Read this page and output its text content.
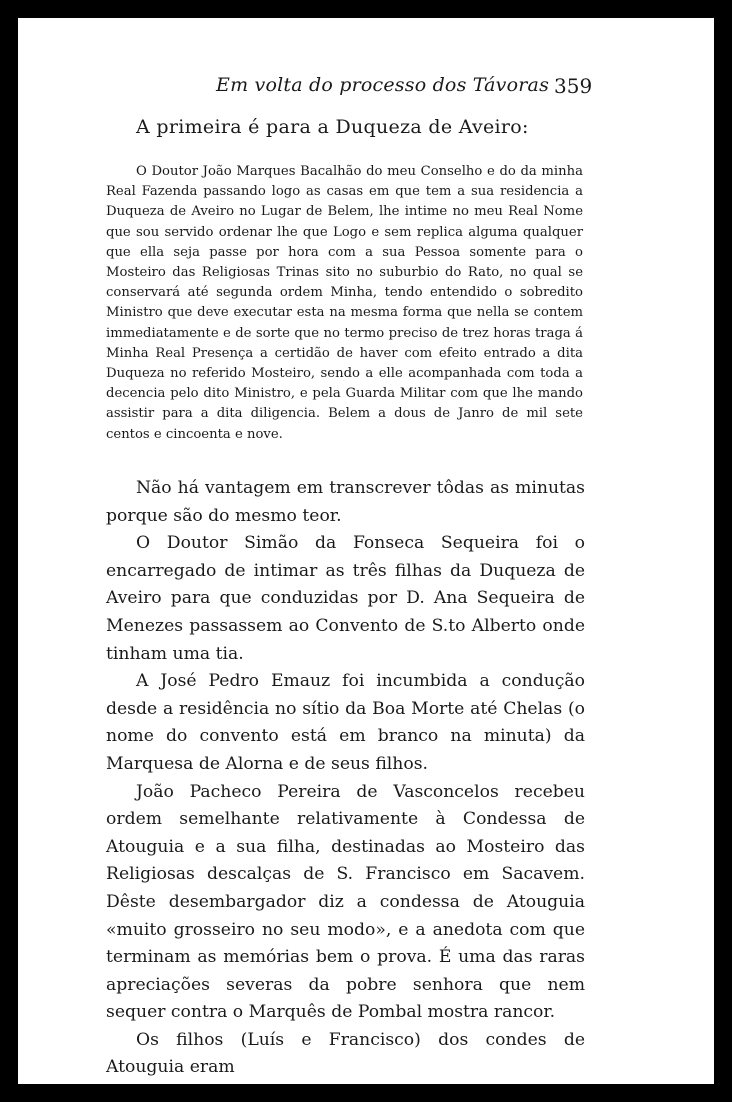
Em volta do processo dos Távoras 359
A primeira é para a Duqueza de Aveiro:

O Doutor João Marques Bacalhão do meu Conselho e do da minha Real Fazenda passando logo as casas em que tem a sua residencia a Duqueza de Aveiro no Lugar de Belem, lhe intime no meu Real Nome que sou servido ordenar lhe que Logo e sem replica alguma qualquer que ella seja passe por hora com a sua Pessoa somente para o Mosteiro das Religiosas Trinas sito no suburbio do Rato, no qual se conservará até segunda ordem Minha, tendo entendido o sobredito Ministro que deve executar esta na mesma forma que nella se contem immediatamente e de sorte que no termo preciso de trez horas traga á Minha Real Presença a certidão de haver com efeito entrado a dita Duqueza no referido Mosteiro, sendo a elle acompanhada com toda a decencia pelo dito Ministro, e pela Guarda Militar com que lhe mando assistir para a dita diligencia. Belem a dous de Janro de mil sete centos e cincoenta e nove.

Não há vantagem em transcrever tôdas as minutas porque são do mesmo teor.

O Doutor Simão da Fonseca Sequeira foi o encarregado de intimar as três filhas da Duqueza de Aveiro para que conduzidas por D. Ana Sequeira de Menezes passassem ao Convento de S.to Alberto onde tinham uma tia.

A José Pedro Emauz foi incumbida a condução desde a residência no sítio da Boa Morte até Chelas (o nome do convento está em branco na minuta) da Marquesa de Alorna e de seus filhos.

João Pacheco Pereira de Vasconcelos recebeu ordem semelhante relativamente à Condessa de Atouguia e a sua filha, destinadas ao Mosteiro das Religiosas descalças de S. Francisco em Sacavem. Dêste desembargador diz a condessa de Atouguia «muito grosseiro no seu modo», e a anedota com que terminam as memórias bem o prova. É uma das raras apreciações severas da pobre senhora que nem sequer contra o Marquês de Pombal mostra rancor.

Os filhos (Luís e Francisco) dos condes de Atouguia eram
